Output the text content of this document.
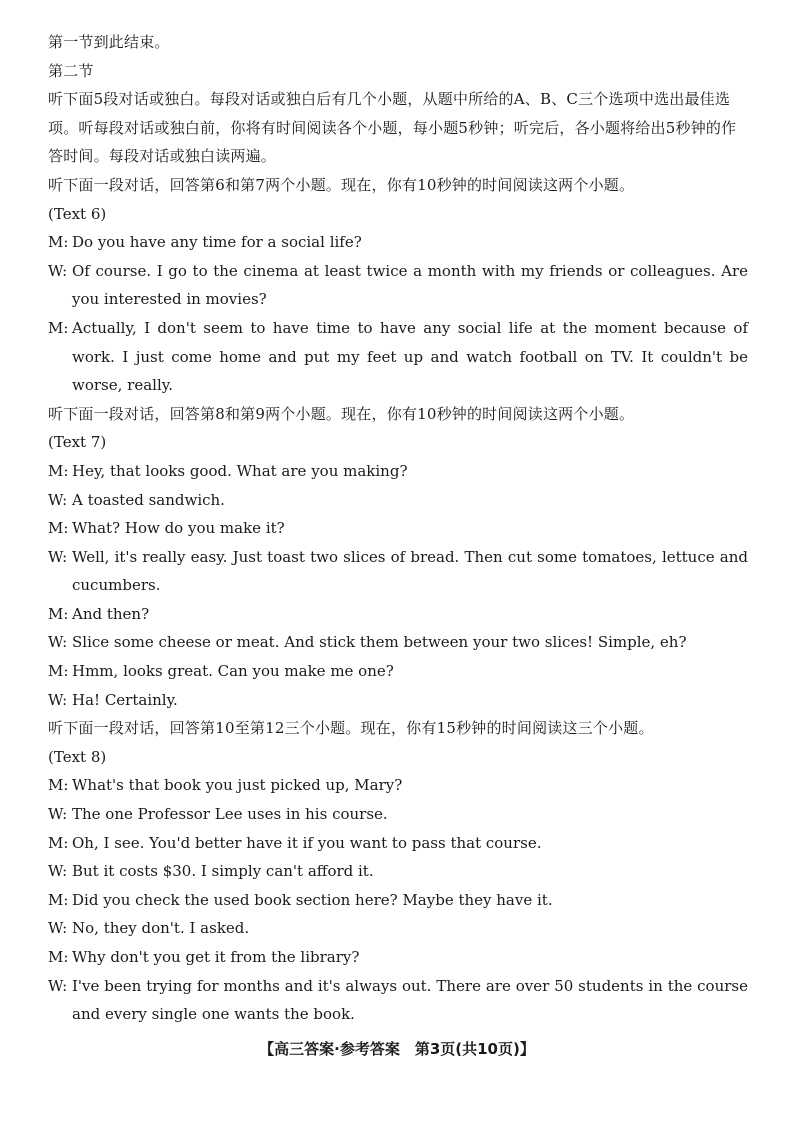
第一节到此结束。

第二节

听下面5段对话或独白。每段对话或独白后有几个小题，从题中所给的A、B、C三个选项中选出最佳选项。听每段对话或独白前，你将有时间阅读各个小题，每小题5秒钟；听完后，各小题将给出5秒钟的作答时间。每段对话或独白读两遍。

听下面一段对话，回答第6和第7两个小题。现在，你有10秒钟的时间阅读这两个小题。

(Text 6)

M: Do you have any time for a social life?
W: Of course. I go to the cinema at least twice a month with my friends or colleagues. Are you interested in movies?
M: Actually, I don't seem to have time to have any social life at the moment because of work. I just come home and put my feet up and watch football on TV. It couldn't be worse, really.

听下面一段对话，回答第8和第9两个小题。现在，你有10秒钟的时间阅读这两个小题。

(Text 7)

M: Hey, that looks good. What are you making?
W: A toasted sandwich.
M: What? How do you make it?
W: Well, it's really easy. Just toast two slices of bread. Then cut some tomatoes, lettuce and cucumbers.
M: And then?
W: Slice some cheese or meat. And stick them between your two slices! Simple, eh?
M: Hmm, looks great. Can you make me one?
W: Ha! Certainly.

听下面一段对话，回答第10至第12三个小题。现在，你有15秒钟的时间阅读这三个小题。

(Text 8)

M: What's that book you just picked up, Mary?
W: The one Professor Lee uses in his course.
M: Oh, I see. You'd better have it if you want to pass that course.
W: But it costs $30. I simply can't afford it.
M: Did you check the used book section here? Maybe they have it.
W: No, they don't. I asked.
M: Why don't you get it from the library?
W: I've been trying for months and it's always out. There are over 50 students in the course and every single one wants the book.
【高三答案·参考答案　第3页(共10页)】
